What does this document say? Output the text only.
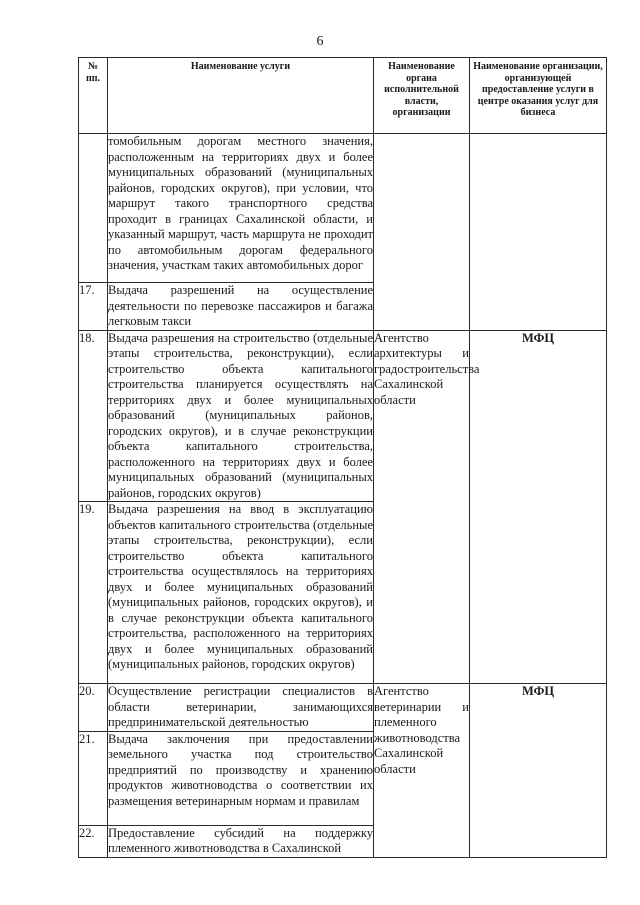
6
№ пп.	Наименование услуги	Наименование органа исполнительной власти, организации	Наименование организации, организующей предоставление услуги в центре оказания услуг для бизнеса
	томобильным дорогам местного значения, расположенным на территориях двух и более муниципальных образований (муниципальных районов, городских округов), при условии, что маршрут такого транспортного средства проходит в границах Сахалинской области, и указанный маршрут, часть маршрута не проходит по автомобильным дорогам федерального значения, участкам таких автомобильных дорог		
17.	Выдача разрешений на осуществление деятельности по перевозке пассажиров и багажа легковым такси		
18.	Выдача разрешения на строительство (отдельные этапы строительства, реконструкции), если строительство объекта капитального строительства планируется осуществлять на территориях двух и более муниципальных образований (муниципальных районов, городских округов), и в случае реконструкции объекта капитального строительства, расположенного на территориях двух и более муниципальных образований (муниципальных районов, городских округов)	Агентство архитектуры и градостроительства Сахалинской области	МФЦ
19.	Выдача разрешения на ввод в эксплуатацию объектов капитального строительства (отдельные этапы строительства, реконструкции), если строительство объекта капитального строительства осуществлялось на территориях двух и более муниципальных образований (муниципальных районов, городских округов), и в случае реконструкции объекта капитального строительства, расположенного на территориях двух и более муниципальных образований (муниципальных районов, городских округов)		
20.	Осуществление регистрации специалистов в области ветеринарии, занимающихся предпринимательской деятельностью	Агентство ветеринарии и племенного животноводства Сахалинской области	МФЦ
21.	Выдача заключения при предоставлении земельного участка под строительство предприятий по производству и хранению продуктов животноводства о соответствии их размещения ветеринарным нормам и правилам		
22.	Предоставление субсидий на поддержку племенного животноводства в Сахалинской		
